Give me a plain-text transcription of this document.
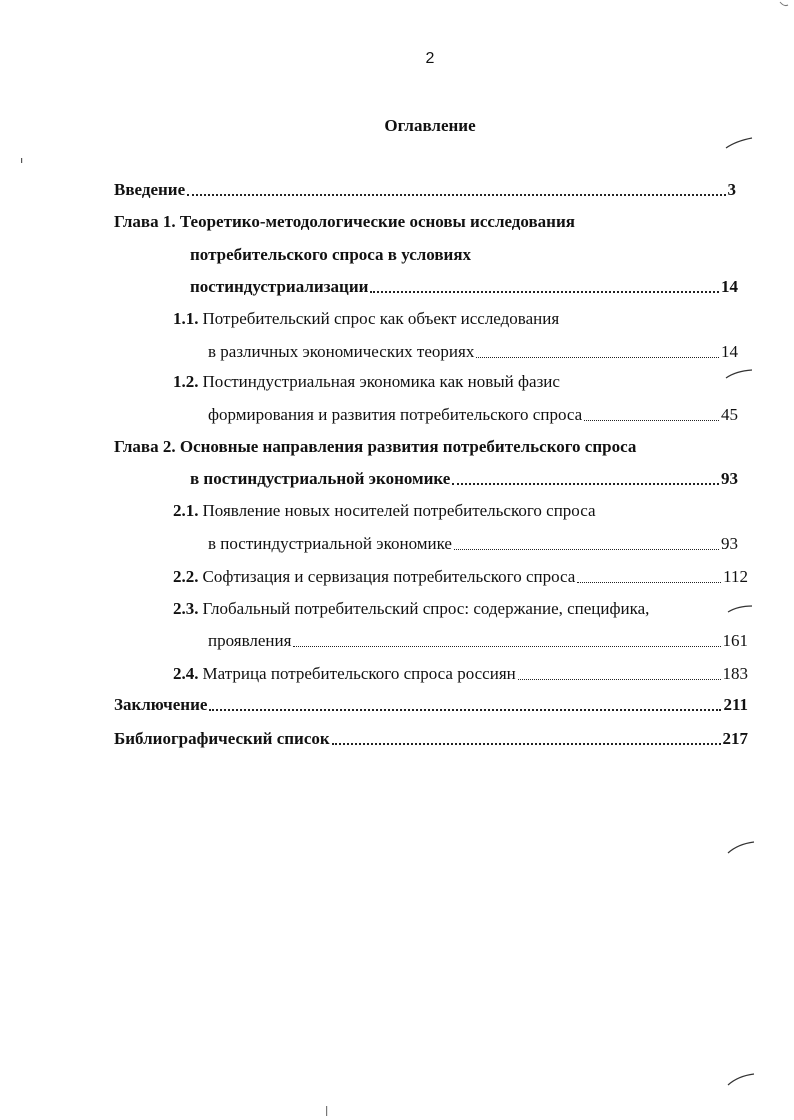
2
Оглавление
Введение	3
Глава 1. Теоретико-методологические основы исследования
потребительского спроса в условиях
постиндустриализации	14
1.1. Потребительский спрос как объект исследования
в различных экономических теориях	14
1.2. Постиндустриальная экономика как новый фазис
формирования и развития потребительского спроса	45
Глава 2. Основные направления развития потребительского спроса
в постиндустриальной экономике	93
2.1. Появление новых носителей потребительского спроса
в постиндустриальной экономике	93
2.2. Софтизация и сервизация потребительского спроса	112
2.3. Глобальный потребительский спрос: содержание, специфика,
проявления	161
2.4. Матрица потребительского спроса россиян	183
Заключение	211
Библиографический список	217
